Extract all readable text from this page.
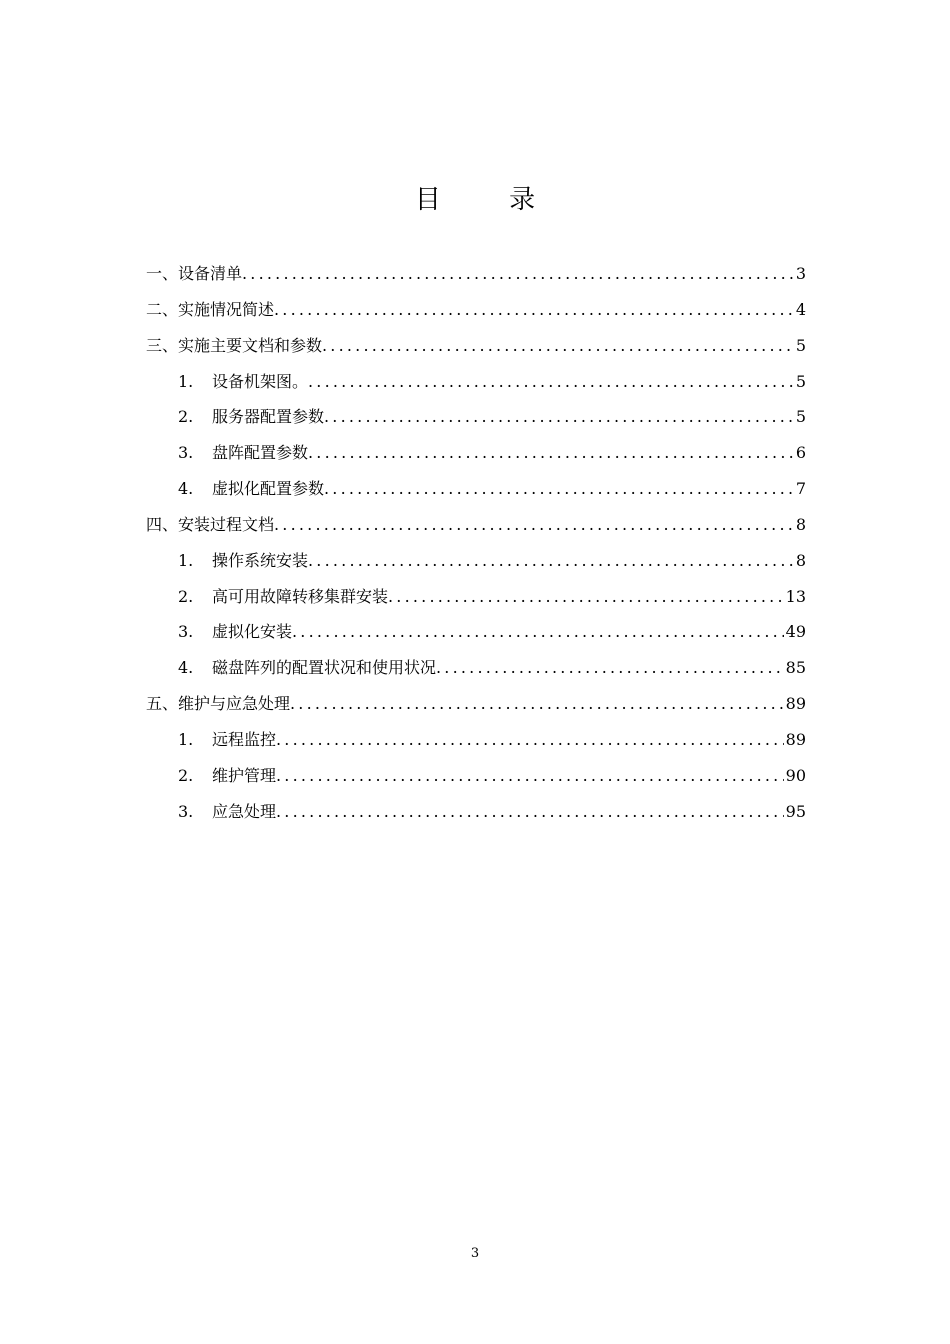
目 录
一、设备清单 .....	3
二、实施情况简述 .....	4
三、实施主要文档和参数 .....	5
1.	设备机架图。 .....	5
2.	服务器配置参数 .....	5
3.	盘阵配置参数 .....	6
4.	虚拟化配置参数 .....	7
四、安装过程文档 .....	8
1.	操作系统安装 .....	8
2.	高可用故障转移集群安装 .....	13
3.	虚拟化安装 .....	49
4.	磁盘阵列的配置状况和使用状况 .....	85
五、维护与应急处理 .....	89
1.	远程监控 .....	89
2.	维护管理 .....	90
3.	应急处理 .....	95
3
